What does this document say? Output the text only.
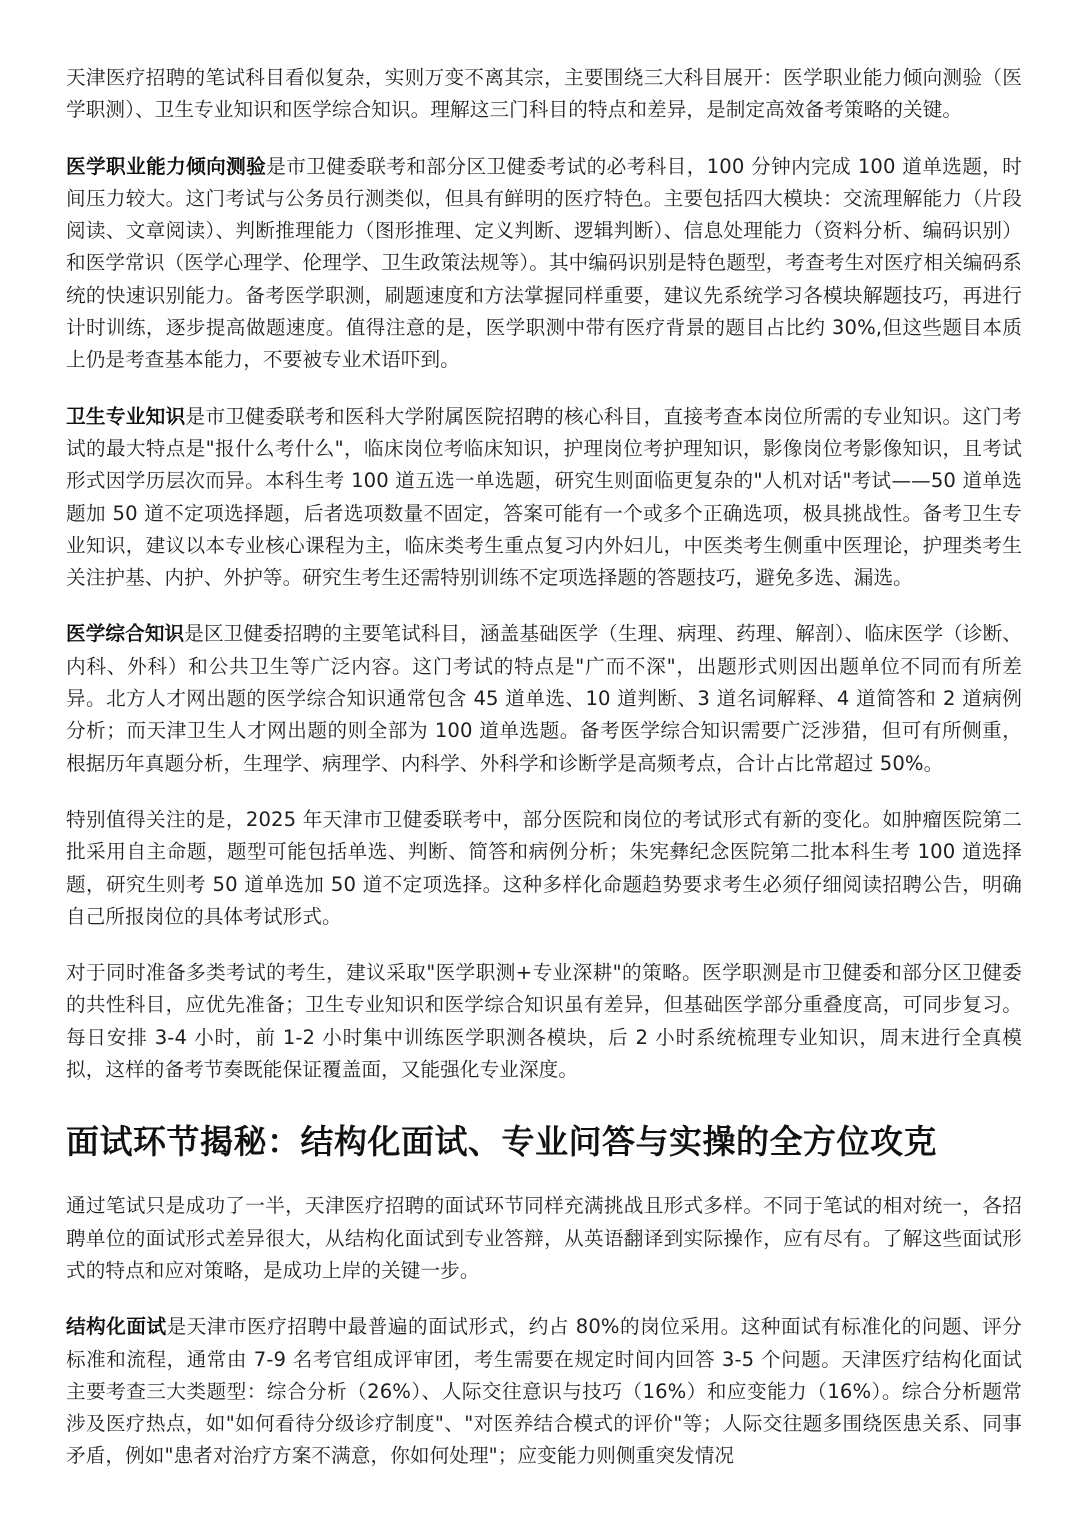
天津医疗招聘的笔试科目看似复杂，实则万变不离其宗，主要围绕三大科目展开：医学职业能力倾向测验（医学职测）、卫生专业知识和医学综合知识。理解这三门科目的特点和差异，是制定高效备考策略的关键。

医学职业能力倾向测验是市卫健委联考和部分区卫健委考试的必考科目，100 分钟内完成 100 道单选题，时间压力较大。这门考试与公务员行测类似，但具有鲜明的医疗特色。主要包括四大模块：交流理解能力（片段阅读、文章阅读）、判断推理能力（图形推理、定义判断、逻辑判断）、信息处理能力（资料分析、编码识别）和医学常识（医学心理学、伦理学、卫生政策法规等）。其中编码识别是特色题型，考查考生对医疗相关编码系统的快速识别能力。备考医学职测，刷题速度和方法掌握同样重要，建议先系统学习各模块解题技巧，再进行计时训练，逐步提高做题速度。值得注意的是，医学职测中带有医疗背景的题目占比约 30%,但这些题目本质上仍是考查基本能力，不要被专业术语吓到。

卫生专业知识是市卫健委联考和医科大学附属医院招聘的核心科目，直接考查本岗位所需的专业知识。这门考试的最大特点是"报什么考什么"，临床岗位考临床知识，护理岗位考护理知识，影像岗位考影像知识，且考试形式因学历层次而异。本科生考 100 道五选一单选题，研究生则面临更复杂的"人机对话"考试——50 道单选题加 50 道不定项选择题，后者选项数量不固定，答案可能有一个或多个正确选项，极具挑战性。备考卫生专业知识，建议以本专业核心课程为主，临床类考生重点复习内外妇儿，中医类考生侧重中医理论，护理类考生关注护基、内护、外护等。研究生考生还需特别训练不定项选择题的答题技巧，避免多选、漏选。

医学综合知识是区卫健委招聘的主要笔试科目，涵盖基础医学（生理、病理、药理、解剖）、临床医学（诊断、内科、外科）和公共卫生等广泛内容。这门考试的特点是"广而不深"，出题形式则因出题单位不同而有所差异。北方人才网出题的医学综合知识通常包含 45 道单选、10 道判断、3 道名词解释、4 道简答和 2 道病例分析；而天津卫生人才网出题的则全部为 100 道单选题。备考医学综合知识需要广泛涉猎，但可有所侧重，根据历年真题分析，生理学、病理学、内科学、外科学和诊断学是高频考点，合计占比常超过 50%。

特别值得关注的是，2025 年天津市卫健委联考中，部分医院和岗位的考试形式有新的变化。如肿瘤医院第二批采用自主命题，题型可能包括单选、判断、简答和病例分析；朱宪彝纪念医院第二批本科生考 100 道选择题，研究生则考 50 道单选加 50 道不定项选择。这种多样化命题趋势要求考生必须仔细阅读招聘公告，明确自己所报岗位的具体考试形式。

对于同时准备多类考试的考生，建议采取"医学职测+专业深耕"的策略。医学职测是市卫健委和部分区卫健委的共性科目，应优先准备；卫生专业知识和医学综合知识虽有差异，但基础医学部分重叠度高，可同步复习。每日安排 3-4 小时，前 1-2 小时集中训练医学职测各模块，后 2 小时系统梳理专业知识，周末进行全真模拟，这样的备考节奏既能保证覆盖面，又能强化专业深度。

面试环节揭秘：结构化面试、专业问答与实操的全方位攻克

通过笔试只是成功了一半，天津医疗招聘的面试环节同样充满挑战且形式多样。不同于笔试的相对统一，各招聘单位的面试形式差异很大，从结构化面试到专业答辩，从英语翻译到实际操作，应有尽有。了解这些面试形式的特点和应对策略，是成功上岸的关键一步。

结构化面试是天津市医疗招聘中最普遍的面试形式，约占 80%的岗位采用。这种面试有标准化的问题、评分标准和流程，通常由 7-9 名考官组成评审团，考生需要在规定时间内回答 3-5 个问题。天津医疗结构化面试主要考查三大类题型：综合分析（26%）、人际交往意识与技巧（16%）和应变能力（16%）。综合分析题常涉及医疗热点，如"如何看待分级诊疗制度"、"对医养结合模式的评价"等；人际交往题多围绕医患关系、同事矛盾，例如"患者对治疗方案不满意，你如何处理"；应变能力则侧重突发情况
